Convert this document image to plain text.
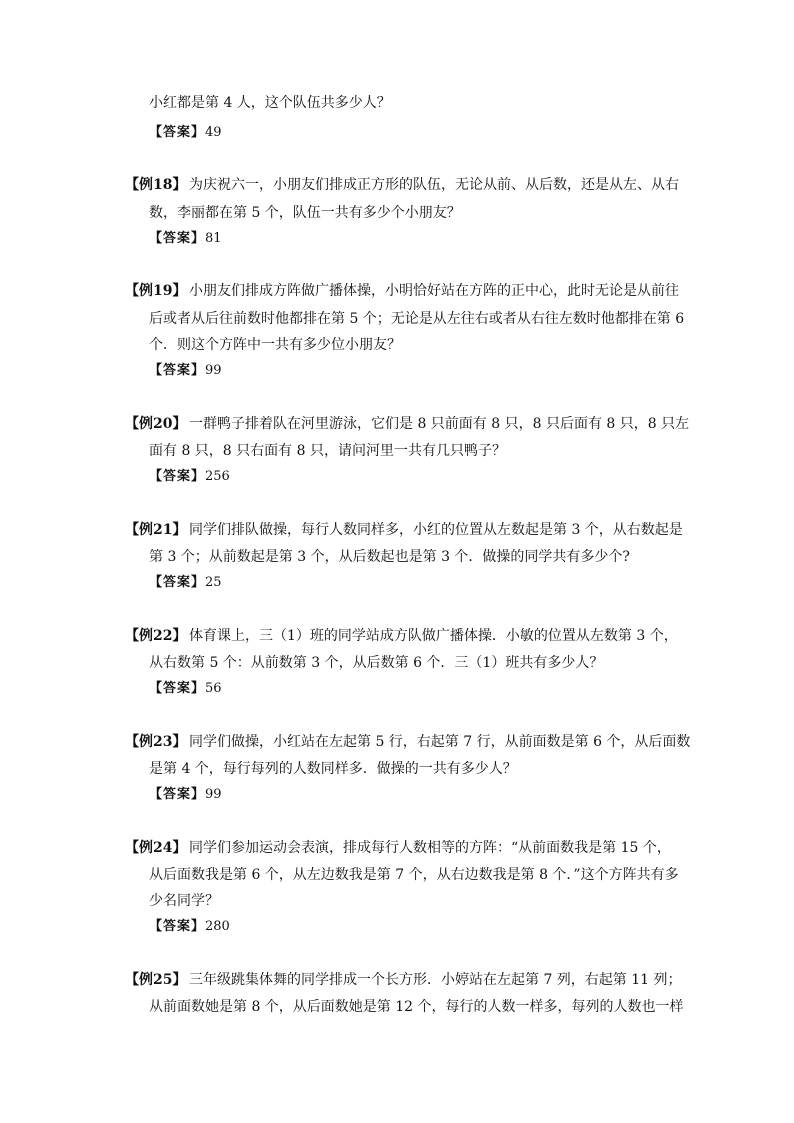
小红都是第 4 人，这个队伍共多少人？
【答案】49
【例18】 为庆祝六一，小朋友们排成正方形的队伍，无论从前、从后数，还是从左、从右
数，李丽都在第 5 个，队伍一共有多少个小朋友？
【答案】81
【例19】 小朋友们排成方阵做广播体操，小明恰好站在方阵的正中心，此时无论是从前往
后或者从后往前数时他都排在第 5 个；无论是从左往右或者从右往左数时他都排在第 6
个．则这个方阵中一共有多少位小朋友？
【答案】99
【例20】 一群鸭子排着队在河里游泳，它们是 8 只前面有 8 只，8 只后面有 8 只，8 只左
面有 8 只，8 只右面有 8 只，请问河里一共有几只鸭子？
【答案】256
【例21】 同学们排队做操，每行人数同样多，小红的位置从左数起是第 3 个，从右数起是
第 3 个；从前数起是第 3 个，从后数起也是第 3 个．做操的同学共有多少个?
【答案】25
【例22】 体育课上，三（1）班的同学站成方队做广播体操．小敏的位置从左数第 3 个，
从右数第 5 个：从前数第 3 个，从后数第 6 个．三（1）班共有多少人？
【答案】56
【例23】 同学们做操，小红站在左起第 5 行，右起第 7 行，从前面数是第 6 个，从后面数
是第 4 个，每行每列的人数同样多．做操的一共有多少人？
【答案】99
【例24】 同学们参加运动会表演，排成每行人数相等的方阵：“从前面数我是第 15 个，
从后面数我是第 6 个，从左边数我是第 7 个，从右边数我是第 8 个．”这个方阵共有多
少名同学？
【答案】280
【例25】 三年级跳集体舞的同学排成一个长方形．小婷站在左起第 7 列，右起第 11 列；
从前面数她是第 8 个，从后面数她是第 12 个，每行的人数一样多，每列的人数也一样
